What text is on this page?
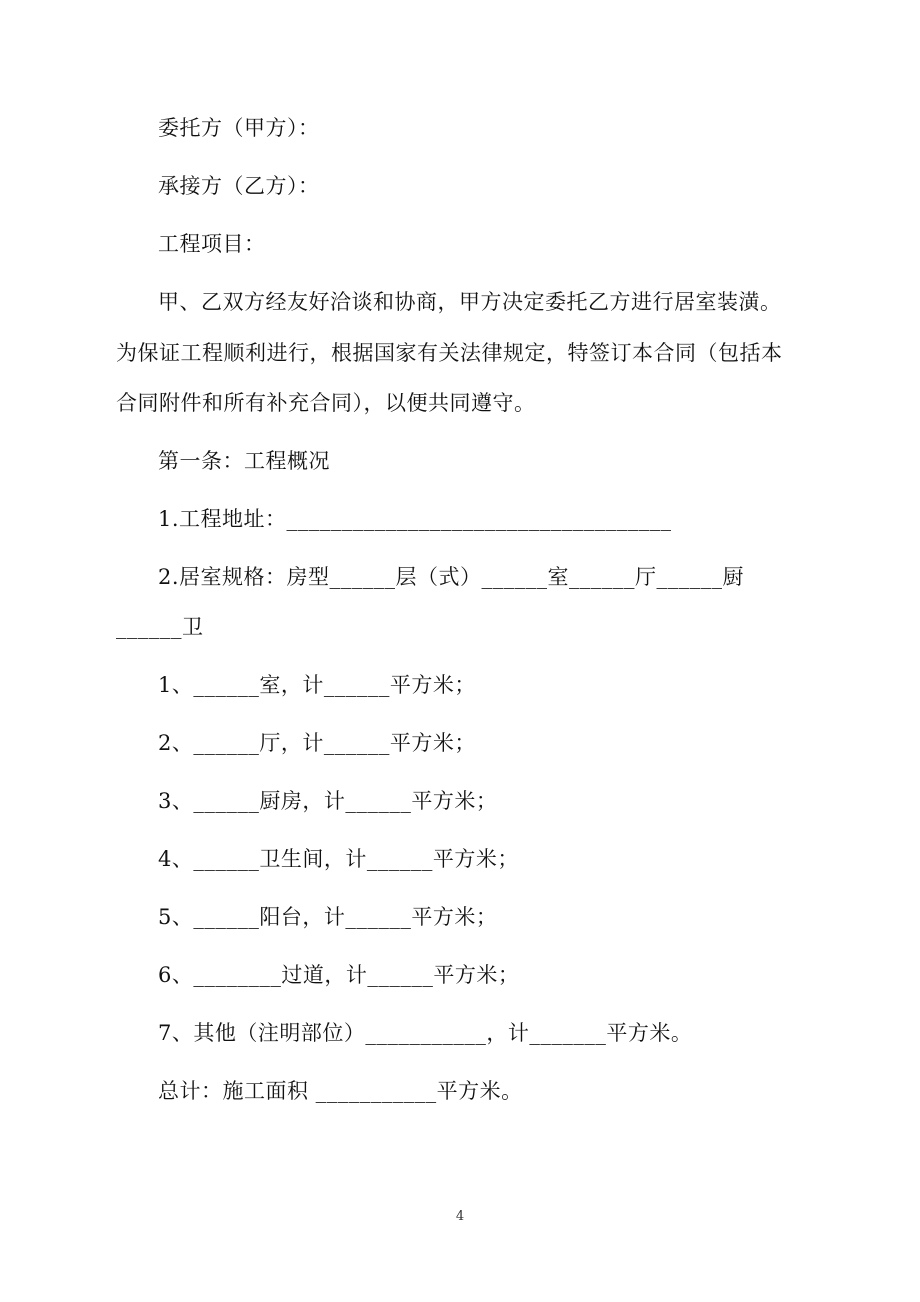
委托方（甲方）：
承接方（乙方）：
工程项目：
甲、乙双方经友好洽谈和协商，甲方决定委托乙方进行居室装潢。
为保证工程顺利进行，根据国家有关法律规定，特签订本合同（包括本
合同附件和所有补充合同），以便共同遵守。
第一条：工程概况
1.工程地址：___________________________________
2.居室规格：房型______层（式）______室______厅______厨
______卫
1、______室，计______平方米；
2、______厅，计______平方米；
3、______厨房，计______平方米；
4、______卫生间，计______平方米；
5、______阳台，计______平方米；
6、________过道，计______平方米；
7、其他（注明部位）___________，计_______平方米。
总计：施工面积 ___________平方米。
4
